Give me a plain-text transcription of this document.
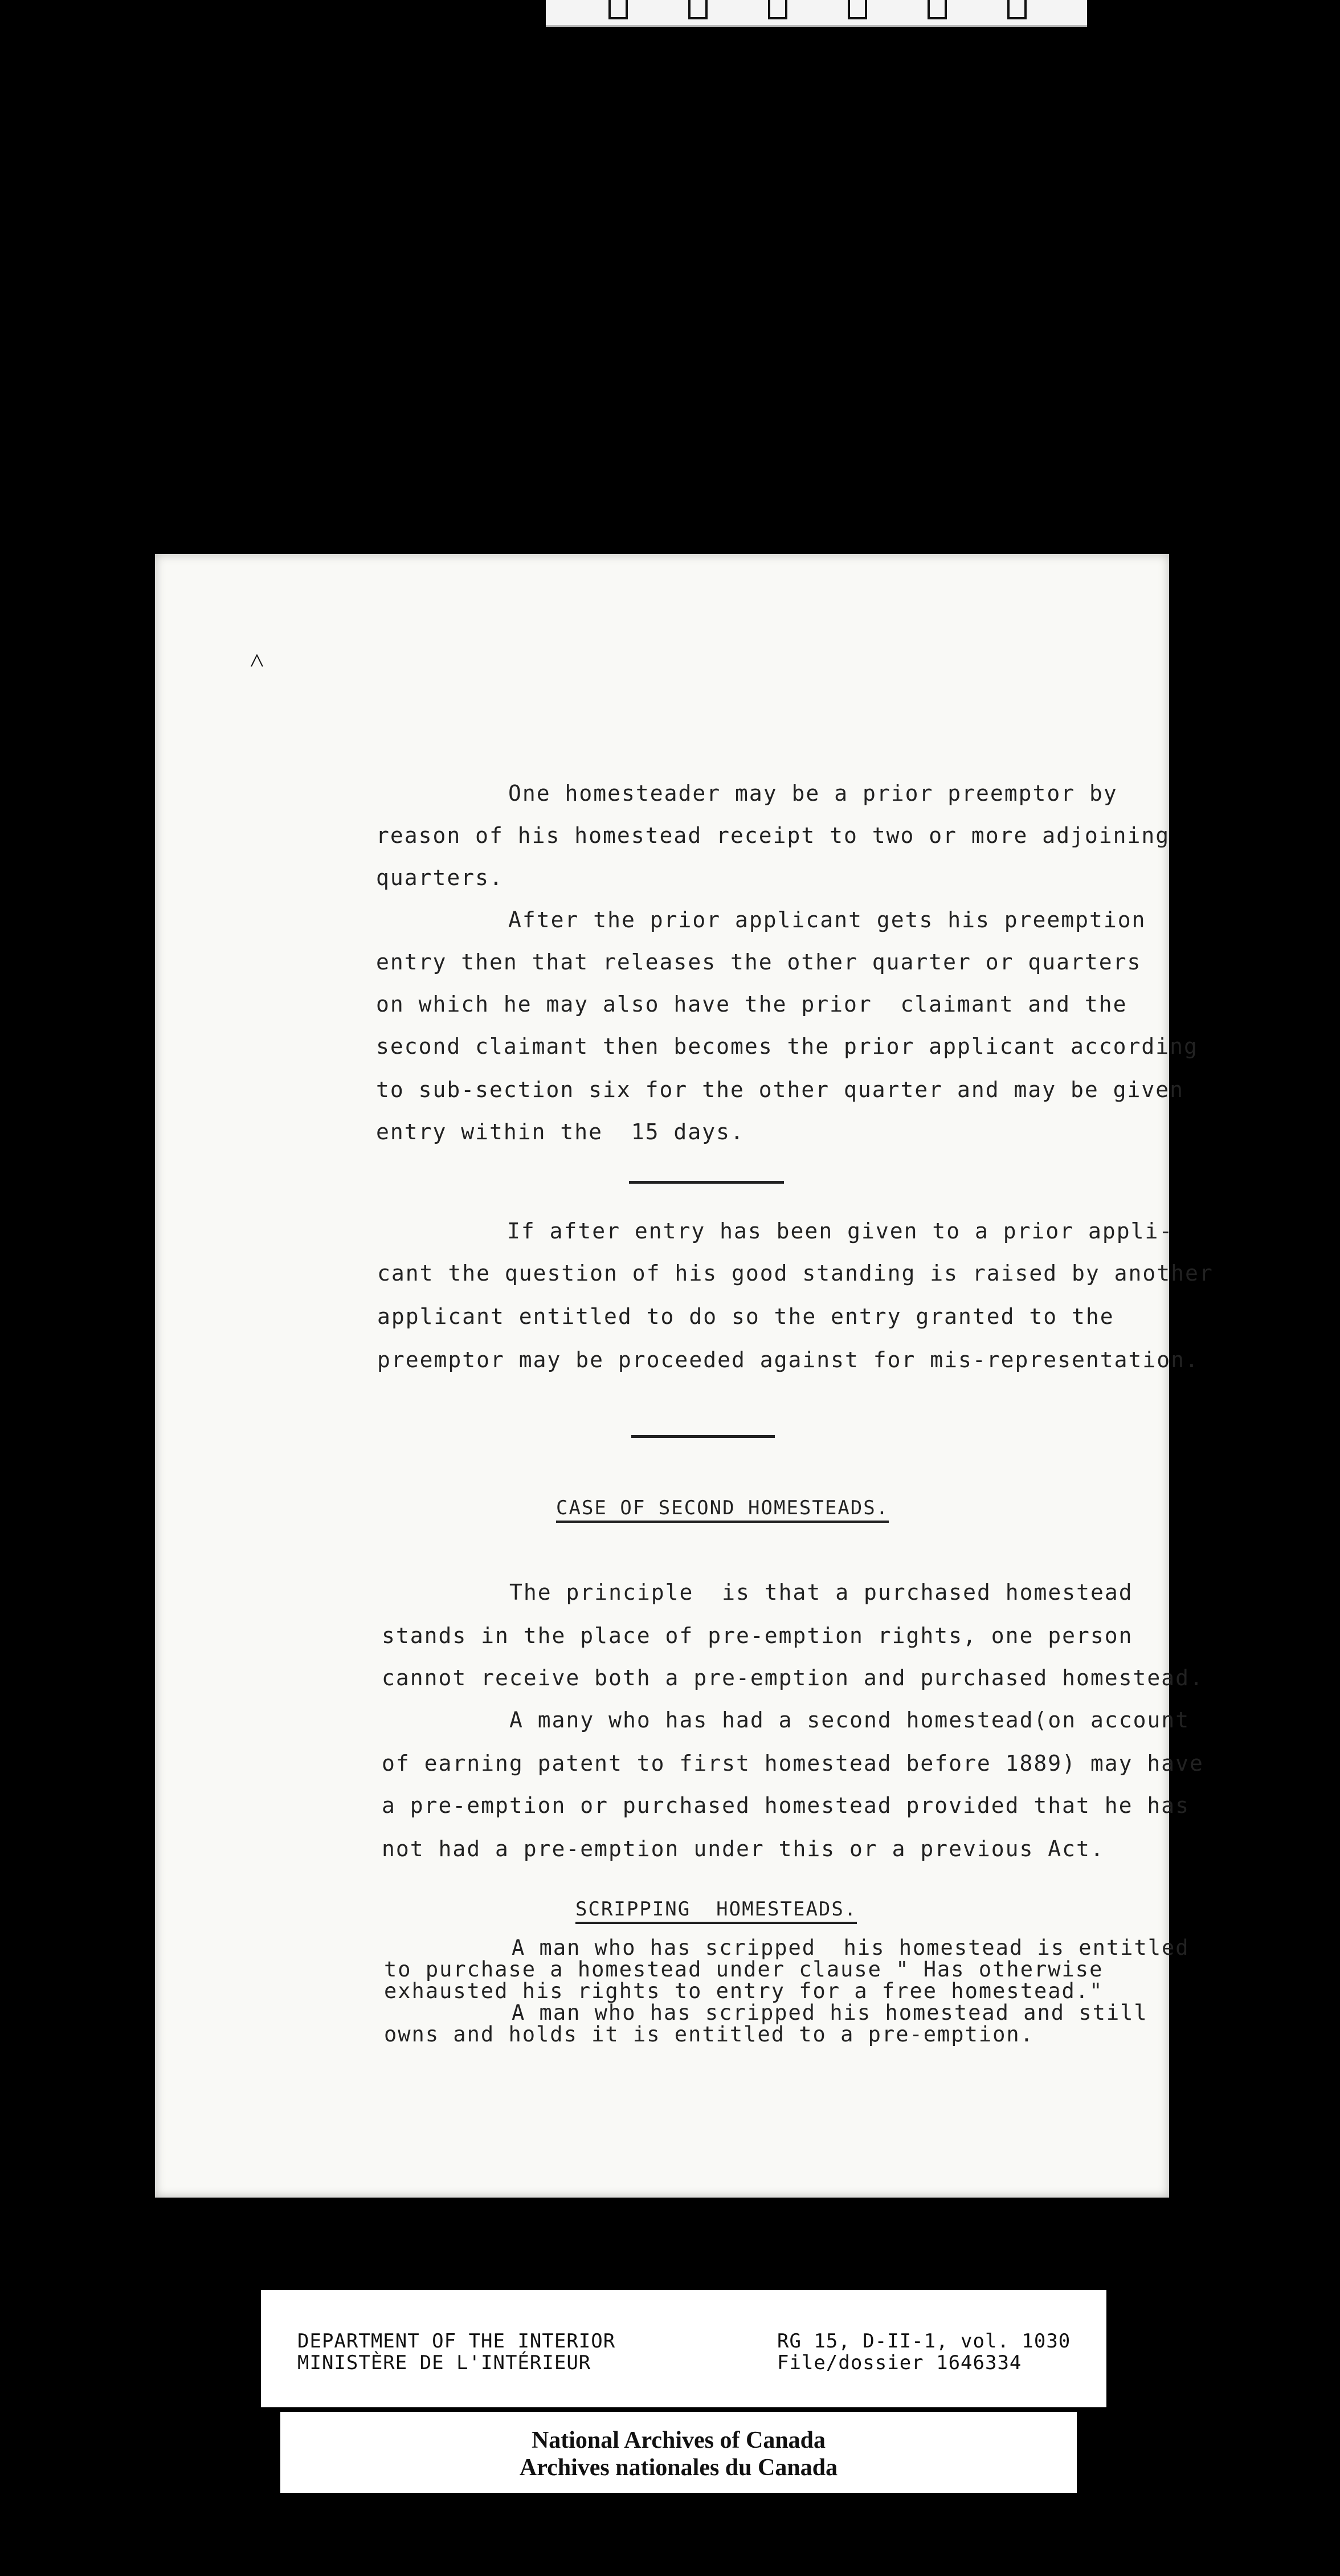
One homesteader may be a prior preemptor by

reason of his homestead receipt to two or more adjoining

quarters.

After the prior applicant gets his preemption

entry then that releases the other quarter or quarters

on which he may also have the prior  claimant and the

second claimant then becomes the prior applicant according

to sub-section six for the other quarter and may be given

entry within the  15 days.

If after entry has been given to a prior appli-

cant the question of his good standing is raised by another

applicant entitled to do so the entry granted to the

preemptor may be proceeded against for mis-representation.

CASE OF SECOND HOMESTEADS.

The principle  is that a purchased homestead

stands in the place of pre-emption rights, one person

cannot receive both a pre-emption and purchased homestead.

A many who has had a second homestead(on account

of earning patent to first homestead before 1889) may have

a pre-emption or purchased homestead provided that he has

not had a pre-emption under this or a previous Act.

SCRIPPING  HOMESTEADS.

A man who has scripped  his homestead is entitled

to purchase a homestead under clause " Has otherwise

exhausted his rights to entry for a free homestead."

A man who has scripped his homestead and still

owns and holds it is entitled to a pre-emption.

˄
DEPARTMENT OF THE INTERIOR
MINISTÈRE DE L'INTÉRIEUR
RG 15, D-II-1, vol. 1030
File/dossier 1646334
National Archives of Canada
Archives nationales du Canada
